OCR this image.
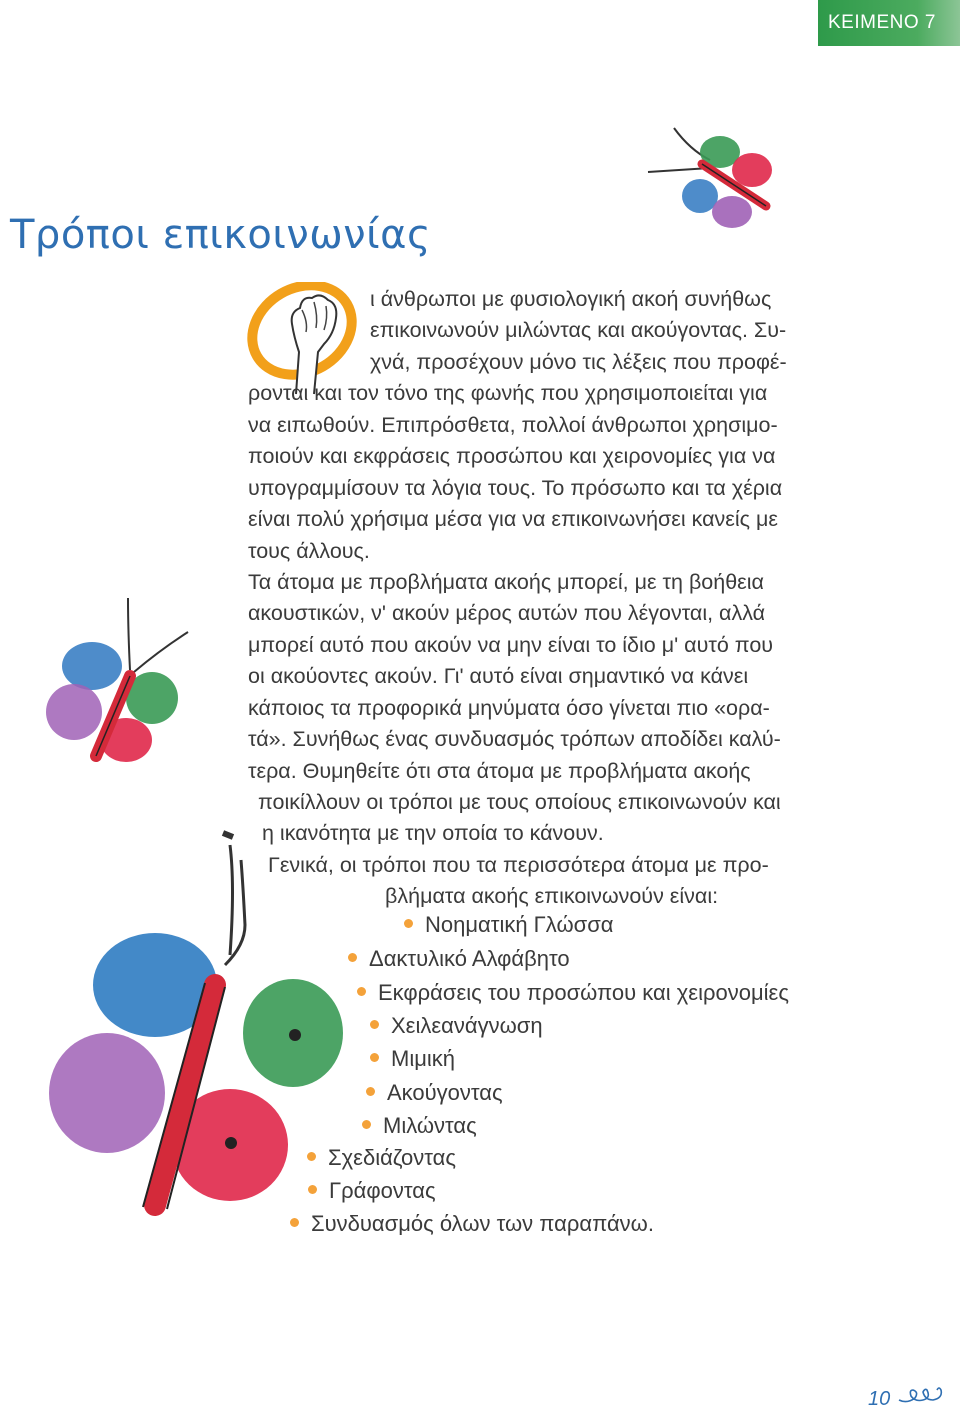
ΚΕΙΜΕΝΟ 7
Τρόποι επικοινωνίας
ι άνθρωποι με φυσιολογική ακοή συνήθως
επικοινωνούν μιλώντας και ακούγοντας. Συ-
χνά, προσέχουν μόνο τις λέξεις που προφέ-
ρονται και τον τόνο της φωνής που χρησιμοποιείται για
να ειπωθούν. Επιπρόσθετα, πολλοί άνθρωποι χρησιμο-
ποιούν και εκφράσεις προσώπου και χειρονομίες για να
υπογραμμίσουν τα λόγια τους. Το πρόσωπο και τα χέρια
είναι πολύ χρήσιμα μέσα για να επικοινωνήσει κανείς με
τους άλλους.
Τα άτομα με προβλήματα ακοής μπορεί, με τη βοήθεια
ακουστικών, ν' ακούν μέρος αυτών που λέγονται, αλλά
μπορεί αυτό που ακούν να μην είναι το ίδιο μ' αυτό που
οι ακούοντες ακούν. Γι' αυτό είναι σημαντικό να κάνει
κάποιος τα προφορικά μηνύματα όσο γίνεται πιο «ορα-
τά». Συνήθως ένας συνδυασμός τρόπων αποδίδει καλύ-
τερα. Θυμηθείτε ότι στα άτομα με προβλήματα ακοής
ποικίλλουν οι τρόποι με τους οποίους επικοινωνούν και
η ικανότητα με την οποία το κάνουν.
Γενικά, οι τρόποι που τα περισσότερα άτομα με προ-
βλήματα ακοής επικοινωνούν είναι:
Νοηματική Γλώσσα
Δακτυλικό Αλφάβητο
Εκφράσεις του προσώπου και χειρονομίες
Χειλεανάγνωση
Μιμική
Ακούγοντας
Μιλώντας
Σχεδιάζοντας
Γράφοντας
Συνδυασμός όλων των παραπάνω.
10
